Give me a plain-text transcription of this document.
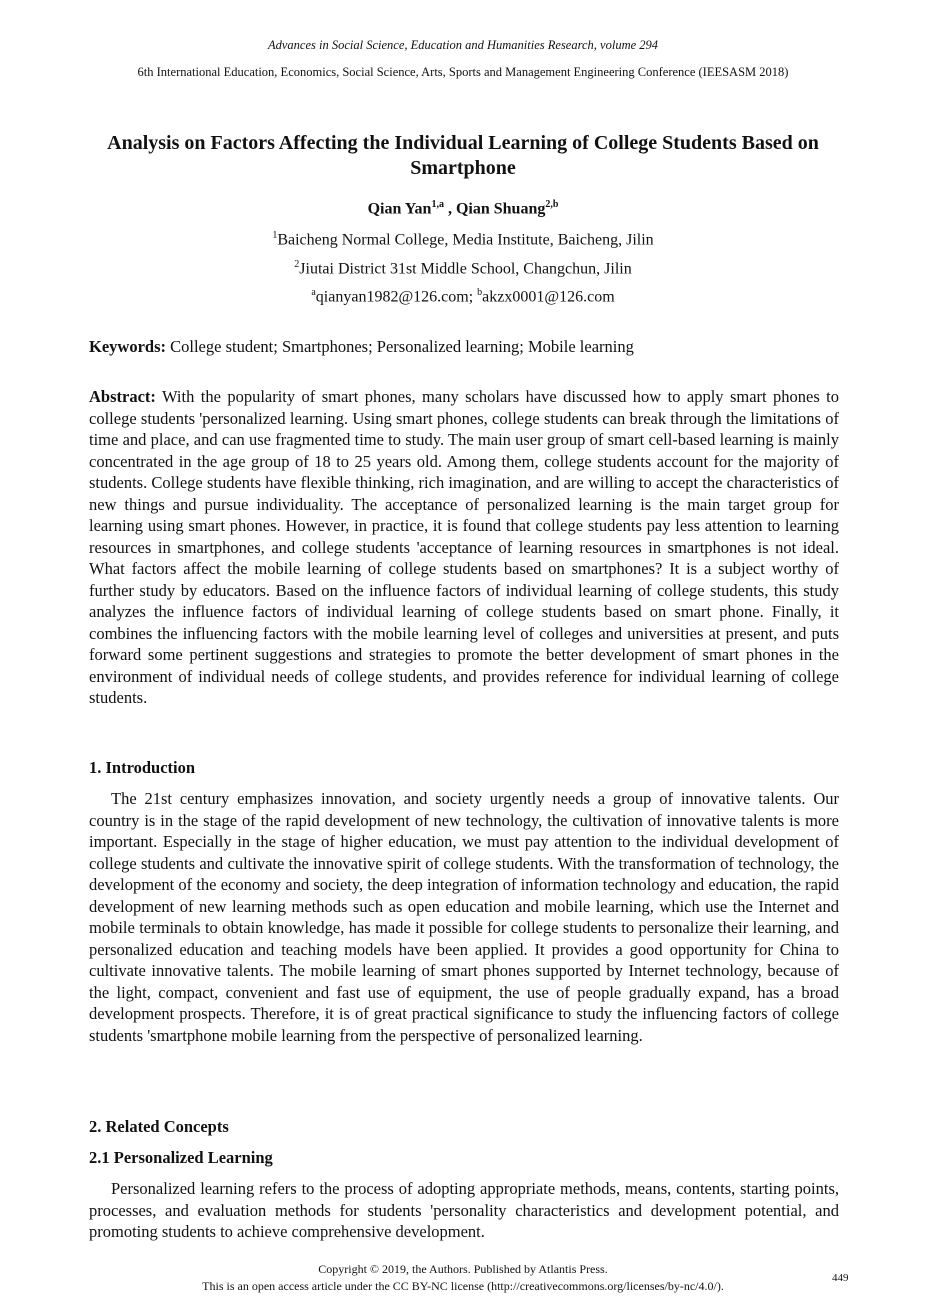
Advances in Social Science, Education and Humanities Research, volume 294
6th International Education, Economics, Social Science, Arts, Sports and Management Engineering Conference (IEESASM 2018)
Analysis on Factors Affecting the Individual Learning of College Students Based on Smartphone
Qian Yan$^{1,a}$ , Qian Shuang$^{2,b}$
$^1$Baicheng Normal College, Media Institute, Baicheng, Jilin
$^2$Jiutai District 31st Middle School, Changchun, Jilin
$^a$qianyan1982@126.com; $^b$akzx0001@126.com
Keywords: College student; Smartphones; Personalized learning; Mobile learning
Abstract: With the popularity of smart phones, many scholars have discussed how to apply smart phones to college students 'personalized learning. Using smart phones, college students can break through the limitations of time and place, and can use fragmented time to study. The main user group of smart cell-based learning is mainly concentrated in the age group of 18 to 25 years old. Among them, college students account for the majority of students. College students have flexible thinking, rich imagination, and are willing to accept the characteristics of new things and pursue individuality. The acceptance of personalized learning is the main target group for learning using smart phones. However, in practice, it is found that college students pay less attention to learning resources in smartphones, and college students 'acceptance of learning resources in smartphones is not ideal. What factors affect the mobile learning of college students based on smartphones? It is a subject worthy of further study by educators. Based on the influence factors of individual learning of college students, this study analyzes the influence factors of individual learning of college students based on smart phone. Finally, it combines the influencing factors with the mobile learning level of colleges and universities at present, and puts forward some pertinent suggestions and strategies to promote the better development of smart phones in the environment of individual needs of college students, and provides reference for individual learning of college students.
1. Introduction
The 21st century emphasizes innovation, and society urgently needs a group of innovative talents. Our country is in the stage of the rapid development of new technology, the cultivation of innovative talents is more important. Especially in the stage of higher education, we must pay attention to the individual development of college students and cultivate the innovative spirit of college students. With the transformation of technology, the development of the economy and society, the deep integration of information technology and education, the rapid development of new learning methods such as open education and mobile learning, which use the Internet and mobile terminals to obtain knowledge, has made it possible for college students to personalize their learning, and personalized education and teaching models have been applied. It provides a good opportunity for China to cultivate innovative talents. The mobile learning of smart phones supported by Internet technology, because of the light, compact, convenient and fast use of equipment, the use of people gradually expand, has a broad development prospects. Therefore, it is of great practical significance to study the influencing factors of college students 'smartphone mobile learning from the perspective of personalized learning.
2. Related Concepts
2.1 Personalized Learning
Personalized learning refers to the process of adopting appropriate methods, means, contents, starting points, processes, and evaluation methods for students 'personality characteristics and development potential, and promoting students to achieve comprehensive development.
Copyright © 2019, the Authors. Published by Atlantis Press.
This is an open access article under the CC BY-NC license (http://creativecommons.org/licenses/by-nc/4.0/).
449
